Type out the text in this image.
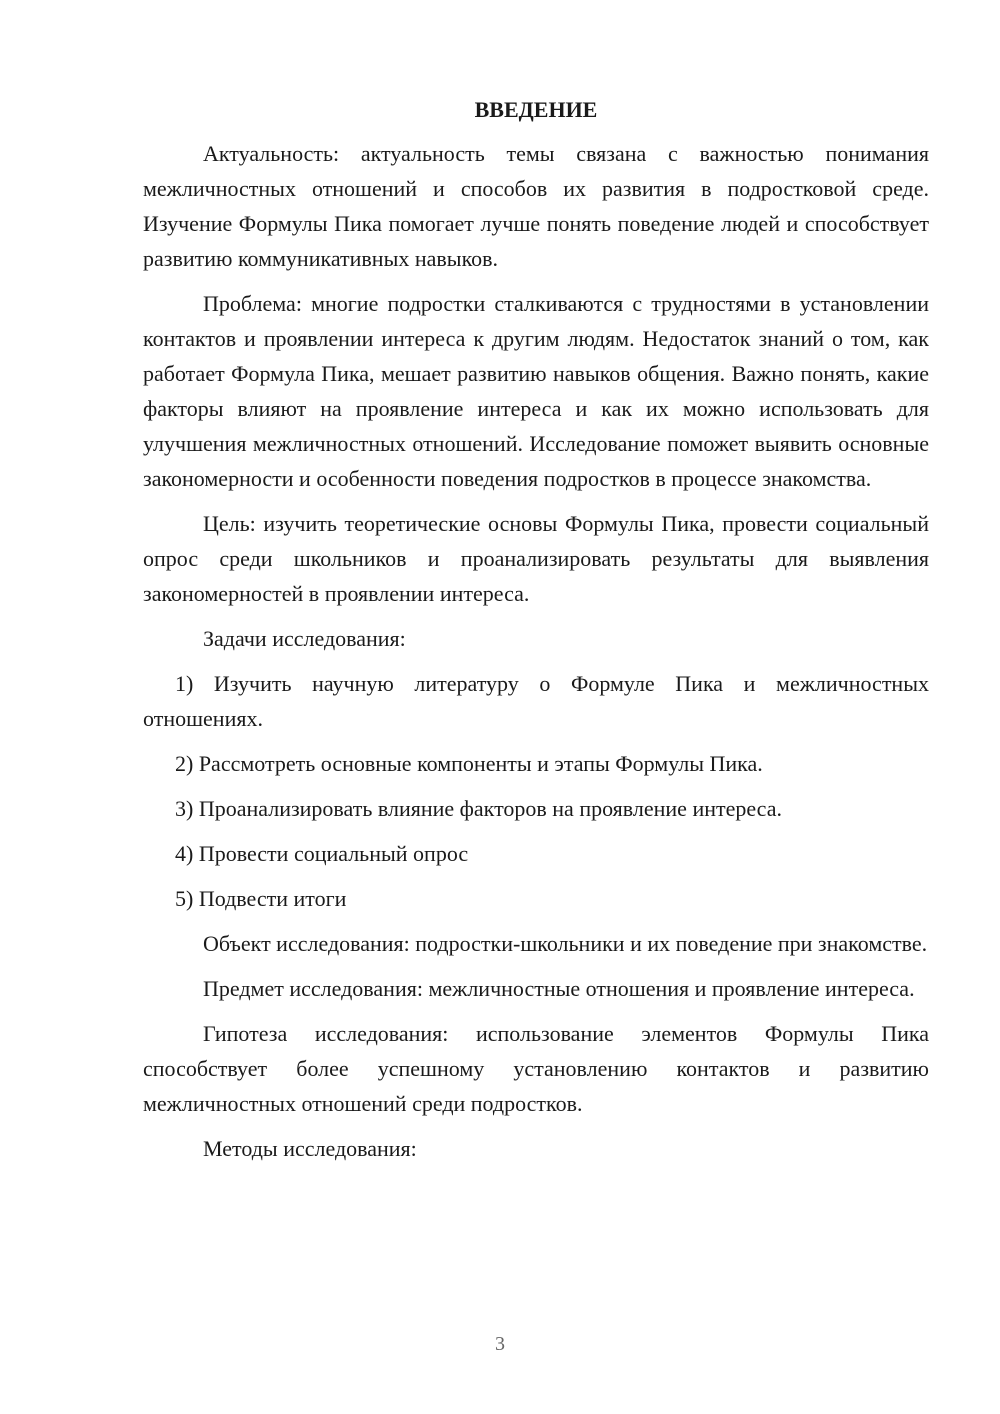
ВВЕДЕНИЕ

Актуальность: актуальность темы связана с важностью понимания межличностных отношений и способов их развития в подростковой среде. Изучение Формулы Пика помогает лучше понять поведение людей и способствует развитию коммуникативных навыков.

Проблема: многие подростки сталкиваются с трудностями в установлении контактов и проявлении интереса к другим людям. Недостаток знаний о том, как работает Формула Пика, мешает развитию навыков общения. Важно понять, какие факторы влияют на проявление интереса и как их можно использовать для улучшения межличностных отношений. Исследование поможет выявить основные закономерности и особенности поведения подростков в процессе знакомства.

Цель: изучить теоретические основы Формулы Пика, провести социальный опрос среди школьников и проанализировать результаты для выявления закономерностей в проявлении интереса.

Задачи исследования:

1) Изучить научную литературу о Формуле Пика и межличностных отношениях.

2) Рассмотреть основные компоненты и этапы Формулы Пика.

3) Проанализировать влияние факторов на проявление интереса.

4) Провести социальный опрос

5) Подвести итоги

Объект исследования: подростки-школьники и их поведение при знакомстве.

Предмет исследования: межличностные отношения и проявление интереса.

Гипотеза исследования: использование элементов Формулы Пика способствует более успешному установлению контактов и развитию межличностных отношений среди подростков.

Методы исследования:

3
